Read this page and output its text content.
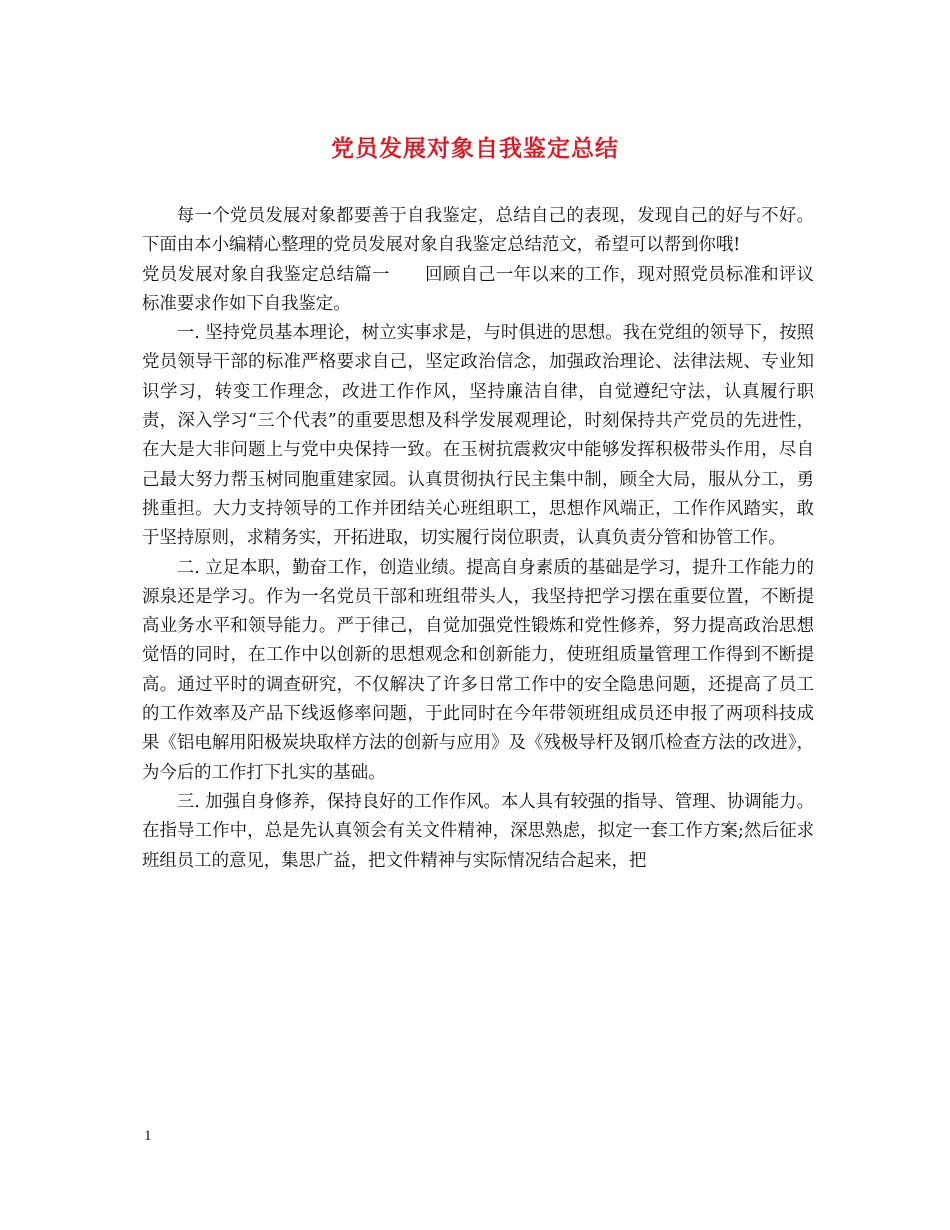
党员发展对象自我鉴定总结

每一个党员发展对象都要善于自我鉴定，总结自己的表现，发现自己的好与不好。 下面由本小编精心整理的党员发展对象自我鉴定总结范文，希望可以帮到你哦!

党员发展对象自我鉴定总结篇一　　回顾自己一年以来的工作，现对照党员标准和评议标准要求作如下自我鉴定。

一. 坚持党员基本理论，树立实事求是，与时俱进的思想。我在党组的领导下，按照党员领导干部的标准严格要求自己，坚定政治信念，加强政治理论、法律法规、专业知识学习，转变工作理念，改进工作作风，坚持廉洁自律，自觉遵纪守法，认真履行职责，深入学习“三个代表”的重要思想及科学发展观理论，时刻保持共产党员的先进性，在大是大非问题上与党中央保持一致。在玉树抗震救灾中能够发挥积极带头作用，尽自己最大努力帮玉树同胞重建家园。认真贯彻执行民主集中制，顾全大局，服从分工，勇挑重担。大力支持领导的工作并团结关心班组职工，思想作风端正，工作作风踏实，敢于坚持原则，求精务实，开拓进取，切实履行岗位职责，认真负责分管和协管工作。

二. 立足本职，勤奋工作，创造业绩。提高自身素质的基础是学习，提升工作能力的源泉还是学习。作为一名党员干部和班组带头人，我坚持把学习摆在重要位置，不断提高业务水平和领导能力。严于律己，自觉加强党性锻炼和党性修养，努力提高政治思想觉悟的同时，在工作中以创新的思想观念和创新能力，使班组质量管理工作得到不断提高。通过平时的调查研究，不仅解决了许多日常工作中的安全隐患问题，还提高了员工的工作效率及产品下线返修率问题，于此同时在今年带领班组成员还申报了两项科技成果《铝电解用阳极炭块取样方法的创新与应用》及《残极导杆及钢爪检查方法的改进》，为今后的工作打下扎实的基础。

三. 加强自身修养，保持良好的工作作风。本人具有较强的指导、管理、协调能力。在指导工作中，总是先认真领会有关文件精神，深思熟虑，拟定一套工作方案;然后征求班组员工的意见，集思广益，把文件精神与实际情况结合起来，把

1
